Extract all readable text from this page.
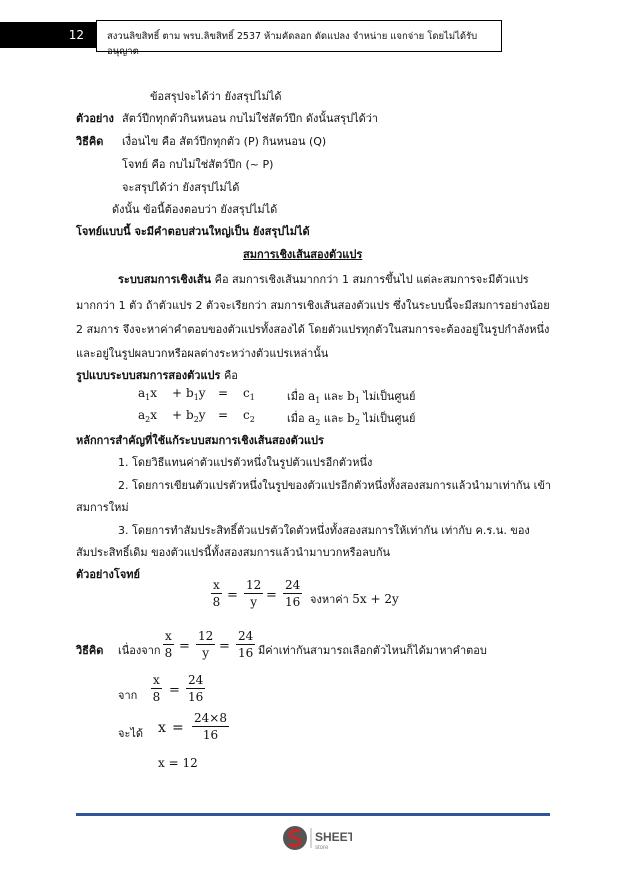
12 สงวนลิขสิทธิ์ ตาม พรบ.ลิขสิทธิ์ 2537 ห้ามคัดลอก ดัดแปลง จำหน่าย แจกจ่าย โดยไม่ได้รับอนุญาต
ข้อสรุปจะได้ว่า ยังสรุปไม่ได้
ตัวอย่าง สัตว์ปีกทุกตัวกินหนอน กบไม่ใช่สัตว์ปีก ดังนั้นสรุปได้ว่า
วิธีคิด เงื่อนไข คือ สัตว์ปีกทุกตัว (P) กินหนอน (Q)
โจทย์ คือ กบไม่ใช่สัตว์ปีก (~ P)
จะสรุปได้ว่า ยังสรุปไม่ได้
ดังนั้น ข้อนี้ต้องตอบว่า ยังสรุปไม่ได้
โจทย์แบบนี้ จะมีคำตอบส่วนใหญ่เป็น ยังสรุปไม่ได้
สมการเชิงเส้นสองตัวแปร
ระบบสมการเชิงเส้น คือ สมการเชิงเส้นมากกว่า 1 สมการขึ้นไป แต่ละสมการจะมีตัวแปร
มากกว่า 1 ตัว ถ้าตัวแปร 2 ตัวจะเรียกว่า สมการเชิงเส้นสองตัวแปร ซึ่งในระบบนี้จะมีสมการอย่างน้อย
2 สมการ จึงจะหาค่าคำตอบของตัวแปรทั้งสองได้ โดยตัวแปรทุกตัวในสมการจะต้องอยู่ในรูปกำลังหนึ่ง
และอยู่ในรูปผลบวกหรือผลต่างระหว่างตัวแปรเหล่านั้น
รูปแบบระบบสมการสองตัวแปร คือ
$a_1x + b_1y = c_1$	เมื่อ $a_1$ และ $b_1$ ไม่เป็นศูนย์
$a_2x + b_2y = c_2$	เมื่อ $a_2$ และ $b_2$ ไม่เป็นศูนย์
หลักการสำคัญที่ใช้แก้ระบบสมการเชิงเส้นสองตัวแปร
1. โดยวิธีแทนค่าตัวแปรตัวหนึ่งในรูปตัวแปรอีกตัวหนึ่ง
2. โดยการเขียนตัวแปรตัวหนึ่งในรูปของตัวแปรอีกตัวหนึ่งทั้งสองสมการแล้วนำมาเท่ากัน เข้า
สมการใหม่
3. โดยการทำสัมประสิทธิ์ตัวแปรตัวใดตัวหนึ่งทั้งสองสมการให้เท่ากัน เท่ากับ ค.ร.น. ของ
สัมประสิทธิ์เดิม ของตัวแปรนี้ทั้งสองสมการแล้วนำมาบวกหรือลบกัน
ตัวอย่างโจทย์
$\frac{x}{8} = \frac{12}{y} = \frac{24}{16}$ จงหาค่า 5x + 2y
วิธีคิด เนื่องจาก $\frac{x}{8} = \frac{12}{y} = \frac{24}{16}$ มีค่าเท่ากันสามารถเลือกตัวไหนก็ได้มาหาคำตอบ
จาก $\frac{x}{8} = \frac{24}{16}$
จะได้ $x = \frac{24\times 8}{16}$
x = 12
SHEET
store
